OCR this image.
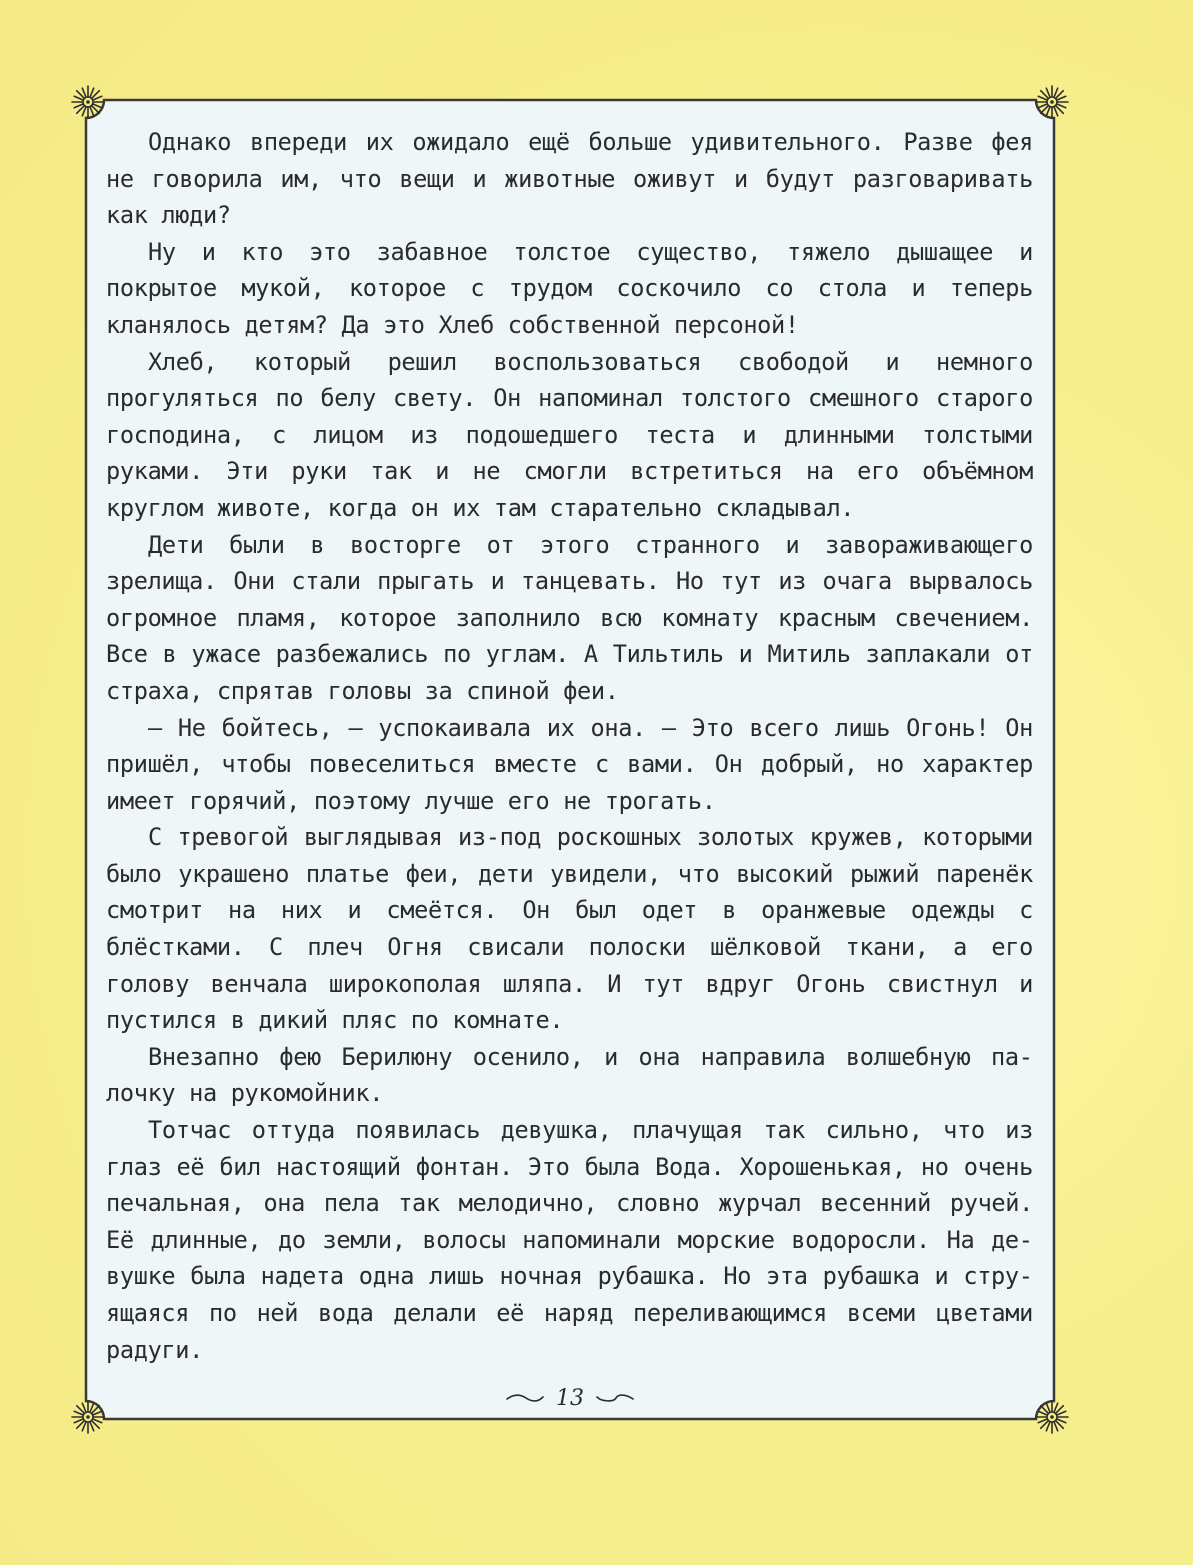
Однако впереди их ожидало ещё больше удивительного. Разве фея не говорила им, что вещи и животные оживут и будут разговаривать как люди?

Ну и кто это забавное толстое существо, тяжело дышащее и покрытое мукой, которое с трудом соскочило со стола и теперь кланялось детям? Да это Хлеб собственной персоной!

Хлеб, который решил воспользоваться свободой и немного прогуляться по белу свету. Он напоминал толстого смешного старого господина, с лицом из подошедшего теста и длинными толстыми руками. Эти руки так и не смогли встретиться на его объёмном круглом животе, когда он их там старательно складывал.

Дети были в восторге от этого странного и завораживающего зрелища. Они стали прыгать и танцевать. Но тут из очага вырвалось огромное пламя, которое заполнило всю комнату красным свечением. Все в ужасе разбежались по углам. А Тильтиль и Митиль заплакали от страха, спрятав головы за спиной феи.

— Не бойтесь, — успокаивала их она. — Это всего лишь Огонь! Он пришёл, чтобы повеселиться вместе с вами. Он добрый, но характер имеет горячий, поэтому лучше его не трогать.

С тревогой выглядывая из-под роскошных золотых кружев, которыми было украшено платье феи, дети увидели, что высокий рыжий паренёк смотрит на них и смеётся. Он был одет в оранжевые одежды с блёстками. С плеч Огня свисали полоски шёлковой ткани, а его голову венчала широкополая шляпа. И тут вдруг Огонь свистнул и пустился в дикий пляс по комнате.

Внезапно фею Берилюну осенило, и она направила волшебную палочку на рукомойник.

Тотчас оттуда появилась девушка, плачущая так сильно, что из глаз её бил настоящий фонтан. Это была Вода. Хорошенькая, но очень печальная, она пела так мелодично, словно журчал весенний ручей. Её длинные, до земли, волосы напоминали морские водоросли. На девушке была надета одна лишь ночная рубашка. Но эта рубашка и струящаяся по ней вода делали её наряд переливающимся всеми цветами радуги.

13
